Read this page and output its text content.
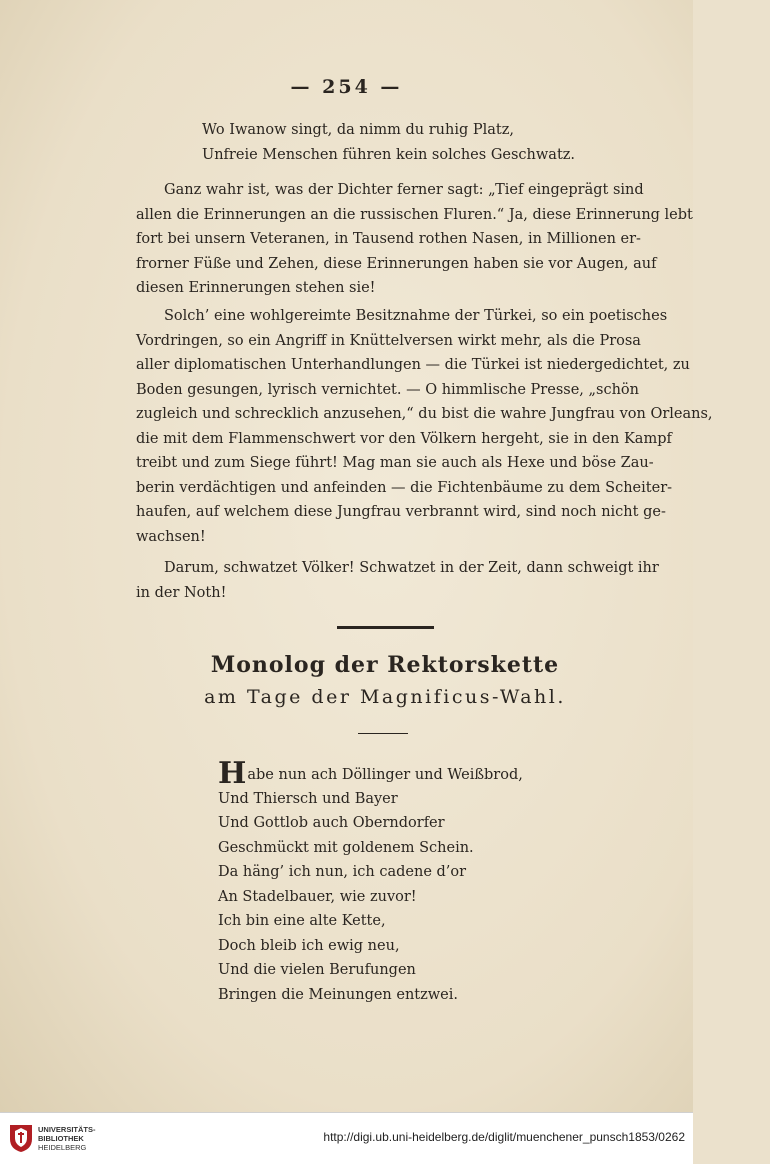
— 254 —
Wo Iwanow singt, da nimm du ruhig Platz,
Unfreie Menschen führen kein solches Geschwatz.
Ganz wahr ist, was der Dichter ferner sagt: „Tief eingeprägt sind
allen die Erinnerungen an die russischen Fluren.“ Ja, diese Erinnerung lebt
fort bei unsern Veteranen, in Tausend rothen Nasen, in Millionen er-
frorner Füße und Zehen, diese Erinnerungen haben sie vor Augen, auf
diesen Erinnerungen stehen sie!
Solch’ eine wohlgereimte Besitznahme der Türkei, so ein poetisches
Vordringen, so ein Angriff in Knüttelversen wirkt mehr, als die Prosa
aller diplomatischen Unterhandlungen — die Türkei ist niedergedichtet, zu
Boden gesungen, lyrisch vernichtet. — O himmlische Presse, „schön
zugleich und schrecklich anzusehen,“ du bist die wahre Jungfrau von Orleans,
die mit dem Flammenschwert vor den Völkern hergeht, sie in den Kampf
treibt und zum Siege führt! Mag man sie auch als Hexe und böse Zau-
berin verdächtigen und anfeinden — die Fichtenbäume zu dem Scheiter-
haufen, auf welchem diese Jungfrau verbrannt wird, sind noch nicht ge-
wachsen!
Darum, schwatzet Völker! Schwatzet in der Zeit, dann schweigt ihr
in der Noth!
Monolog der Rektorskette
am Tage der Magnificus-Wahl.
Habe nun ach Döllinger und Weißbrod,
Und Thiersch und Bayer
Und Gottlob auch Oberndorfer
Geschmückt mit goldenem Schein.
Da häng’ ich nun, ich cadene d’or
An Stadelbauer, wie zuvor!
Ich bin eine alte Kette,
Doch bleib ich ewig neu,
Und die vielen Berufungen
Bringen die Meinungen entzwei.
UNIVERSITÄTS-
BIBLIOTHEK
HEIDELBERG
http://digi.ub.uni-heidelberg.de/diglit/muenchener_punsch1853/0262
